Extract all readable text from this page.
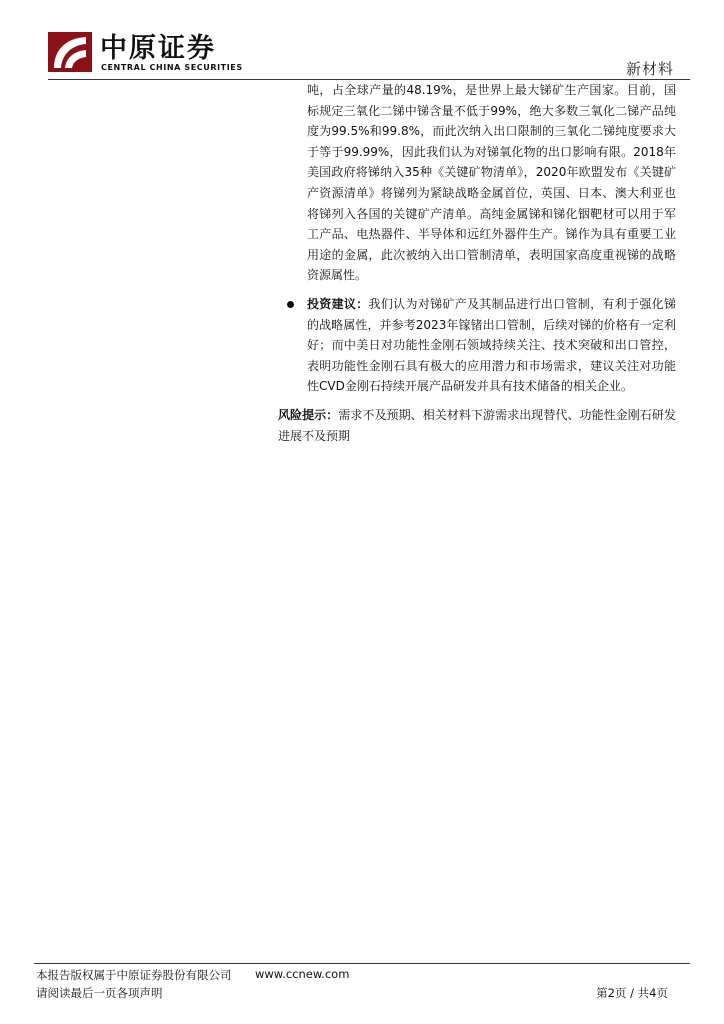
中原证券
CENTRAL CHINA SECURITIES	新材料

吨，占全球产量的48.19%，是世界上最大锑矿生产国家。目前，国标规定三氧化二锑中锑含量不低于99%，绝大多数三氧化二锑产品纯度为99.5%和99.8%，而此次纳入出口限制的三氧化二锑纯度要求大于等于99.99%，因此我们认为对锑氧化物的出口影响有限。2018年美国政府将锑纳入35种《关键矿物清单》，2020年欧盟发布《关键矿产资源清单》将锑列为紧缺战略金属首位，英国、日本、澳大利亚也将锑列入各国的关键矿产清单。高纯金属锑和锑化铟靶材可以用于军工产品、电热器件、半导体和远红外器件生产。锑作为具有重要工业用途的金属，此次被纳入出口管制清单，表明国家高度重视锑的战略资源属性。

投资建议：我们认为对锑矿产及其制品进行出口管制，有利于强化锑的战略属性，并参考2023年镓锗出口管制，后续对锑的价格有一定利好；而中美日对功能性金刚石领域持续关注、技术突破和出口管控，表明功能性金刚石具有极大的应用潜力和市场需求，建议关注对功能性CVD金刚石持续开展产品研发并具有技术储备的相关企业。

风险提示：需求不及预期、相关材料下游需求出现替代、功能性金刚石研发进展不及预期

本报告版权属于中原证券股份有限公司 www.ccnew.com
请阅读最后一页各项声明	第2页 / 共4页
